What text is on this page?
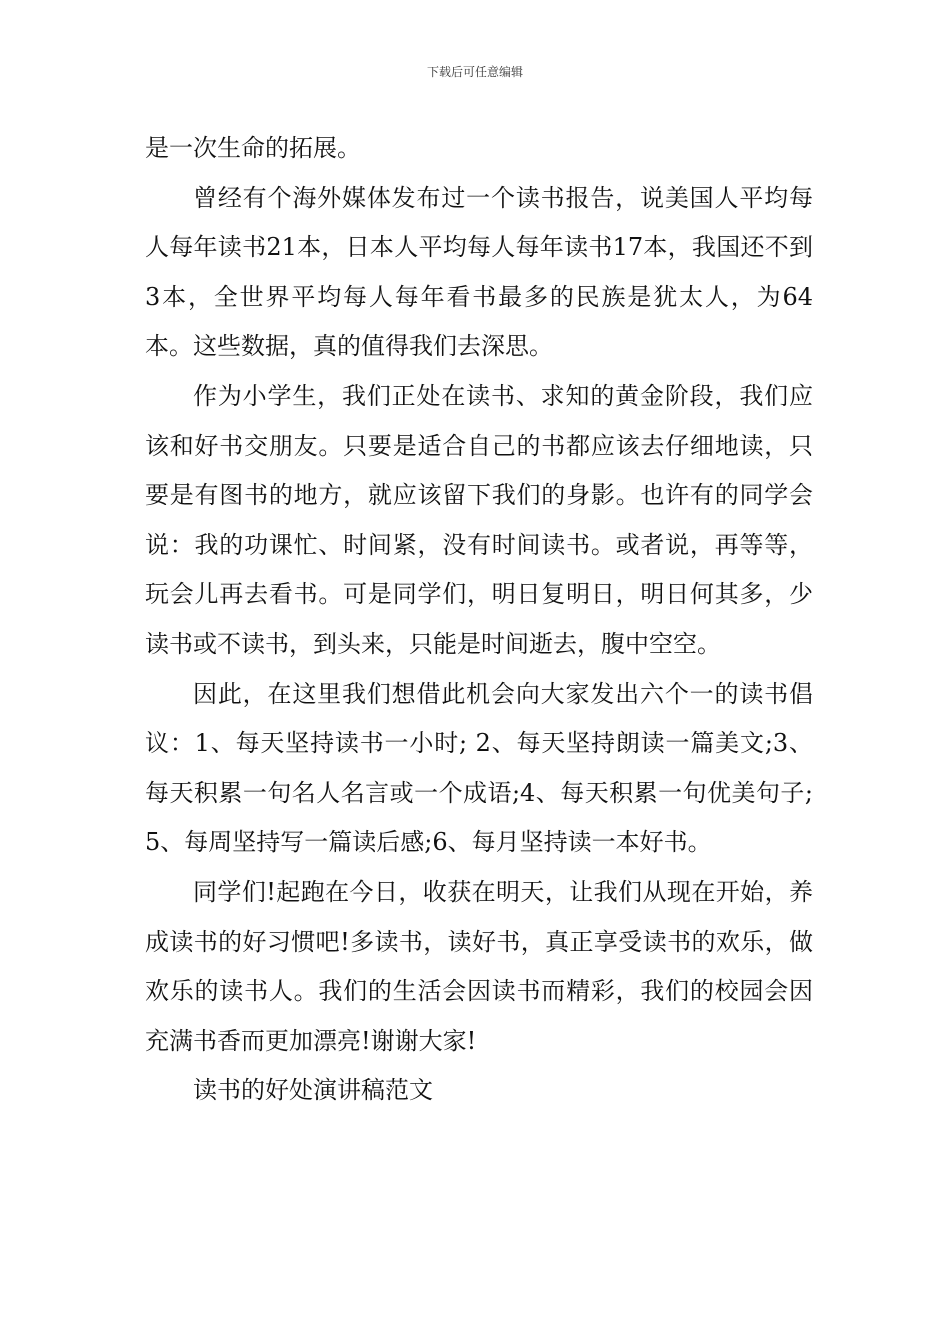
下载后可任意编辑

是一次生命的拓展。

曾经有个海外媒体发布过一个读书报告，说美国人平均每人每年读书21本，日本人平均每人每年读书17本，我国还不到3本，全世界平均每人每年看书最多的民族是犹太人，为64本。这些数据，真的值得我们去深思。

作为小学生，我们正处在读书、求知的黄金阶段，我们应该和好书交朋友。只要是适合自己的书都应该去仔细地读，只要是有图书的地方，就应该留下我们的身影。也许有的同学会说：我的功课忙、时间紧，没有时间读书。或者说，再等等，玩会儿再去看书。可是同学们，明日复明日，明日何其多，少读书或不读书，到头来，只能是时间逝去，腹中空空。

因此，在这里我们想借此机会向大家发出六个一的读书倡议：1、每天坚持读书一小时; 2、每天坚持朗读一篇美文;3、每天积累一句名人名言或一个成语;4、每天积累一句优美句子;5、每周坚持写一篇读后感;6、每月坚持读一本好书。

同学们!起跑在今日，收获在明天，让我们从现在开始，养成读书的好习惯吧!多读书，读好书，真正享受读书的欢乐，做欢乐的读书人。我们的生活会因读书而精彩，我们的校园会因充满书香而更加漂亮!谢谢大家!

读书的好处演讲稿范文
